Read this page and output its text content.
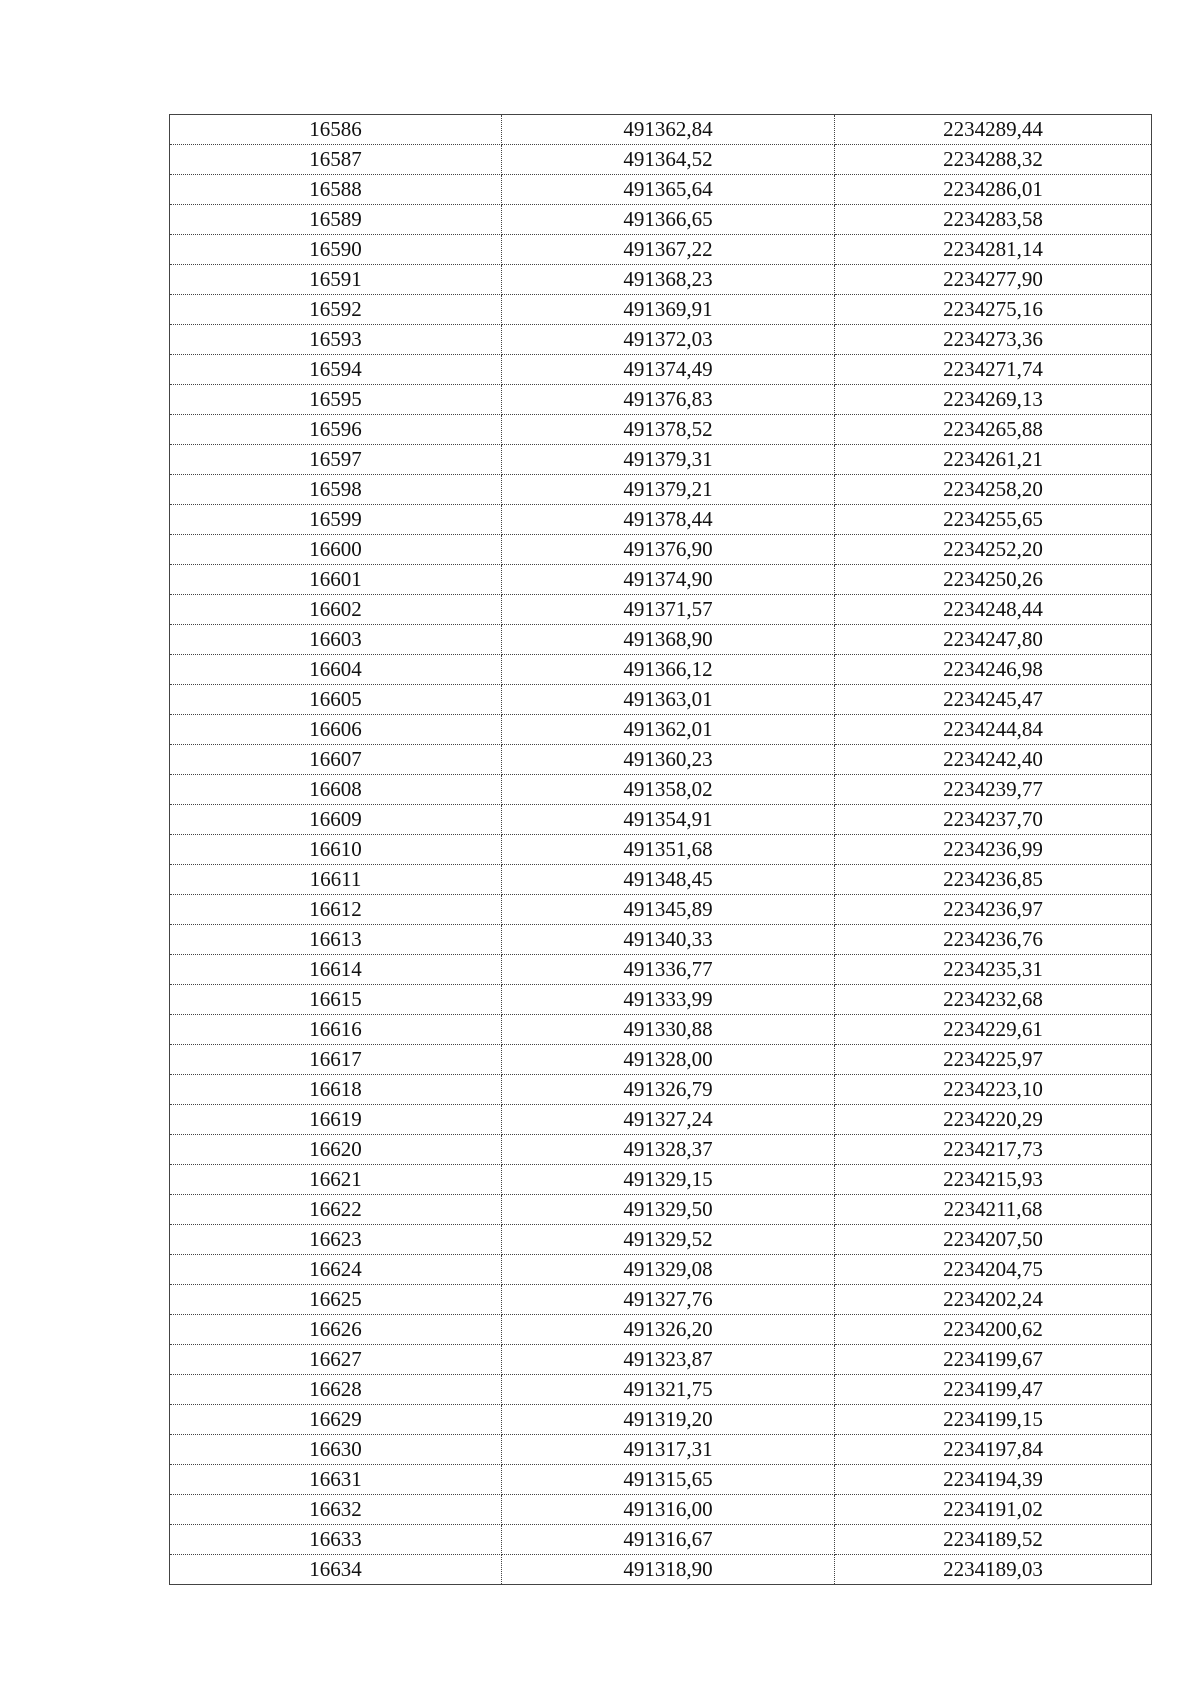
16586	491362,84	2234289,44
16587	491364,52	2234288,32
16588	491365,64	2234286,01
16589	491366,65	2234283,58
16590	491367,22	2234281,14
16591	491368,23	2234277,90
16592	491369,91	2234275,16
16593	491372,03	2234273,36
16594	491374,49	2234271,74
16595	491376,83	2234269,13
16596	491378,52	2234265,88
16597	491379,31	2234261,21
16598	491379,21	2234258,20
16599	491378,44	2234255,65
16600	491376,90	2234252,20
16601	491374,90	2234250,26
16602	491371,57	2234248,44
16603	491368,90	2234247,80
16604	491366,12	2234246,98
16605	491363,01	2234245,47
16606	491362,01	2234244,84
16607	491360,23	2234242,40
16608	491358,02	2234239,77
16609	491354,91	2234237,70
16610	491351,68	2234236,99
16611	491348,45	2234236,85
16612	491345,89	2234236,97
16613	491340,33	2234236,76
16614	491336,77	2234235,31
16615	491333,99	2234232,68
16616	491330,88	2234229,61
16617	491328,00	2234225,97
16618	491326,79	2234223,10
16619	491327,24	2234220,29
16620	491328,37	2234217,73
16621	491329,15	2234215,93
16622	491329,50	2234211,68
16623	491329,52	2234207,50
16624	491329,08	2234204,75
16625	491327,76	2234202,24
16626	491326,20	2234200,62
16627	491323,87	2234199,67
16628	491321,75	2234199,47
16629	491319,20	2234199,15
16630	491317,31	2234197,84
16631	491315,65	2234194,39
16632	491316,00	2234191,02
16633	491316,67	2234189,52
16634	491318,90	2234189,03
